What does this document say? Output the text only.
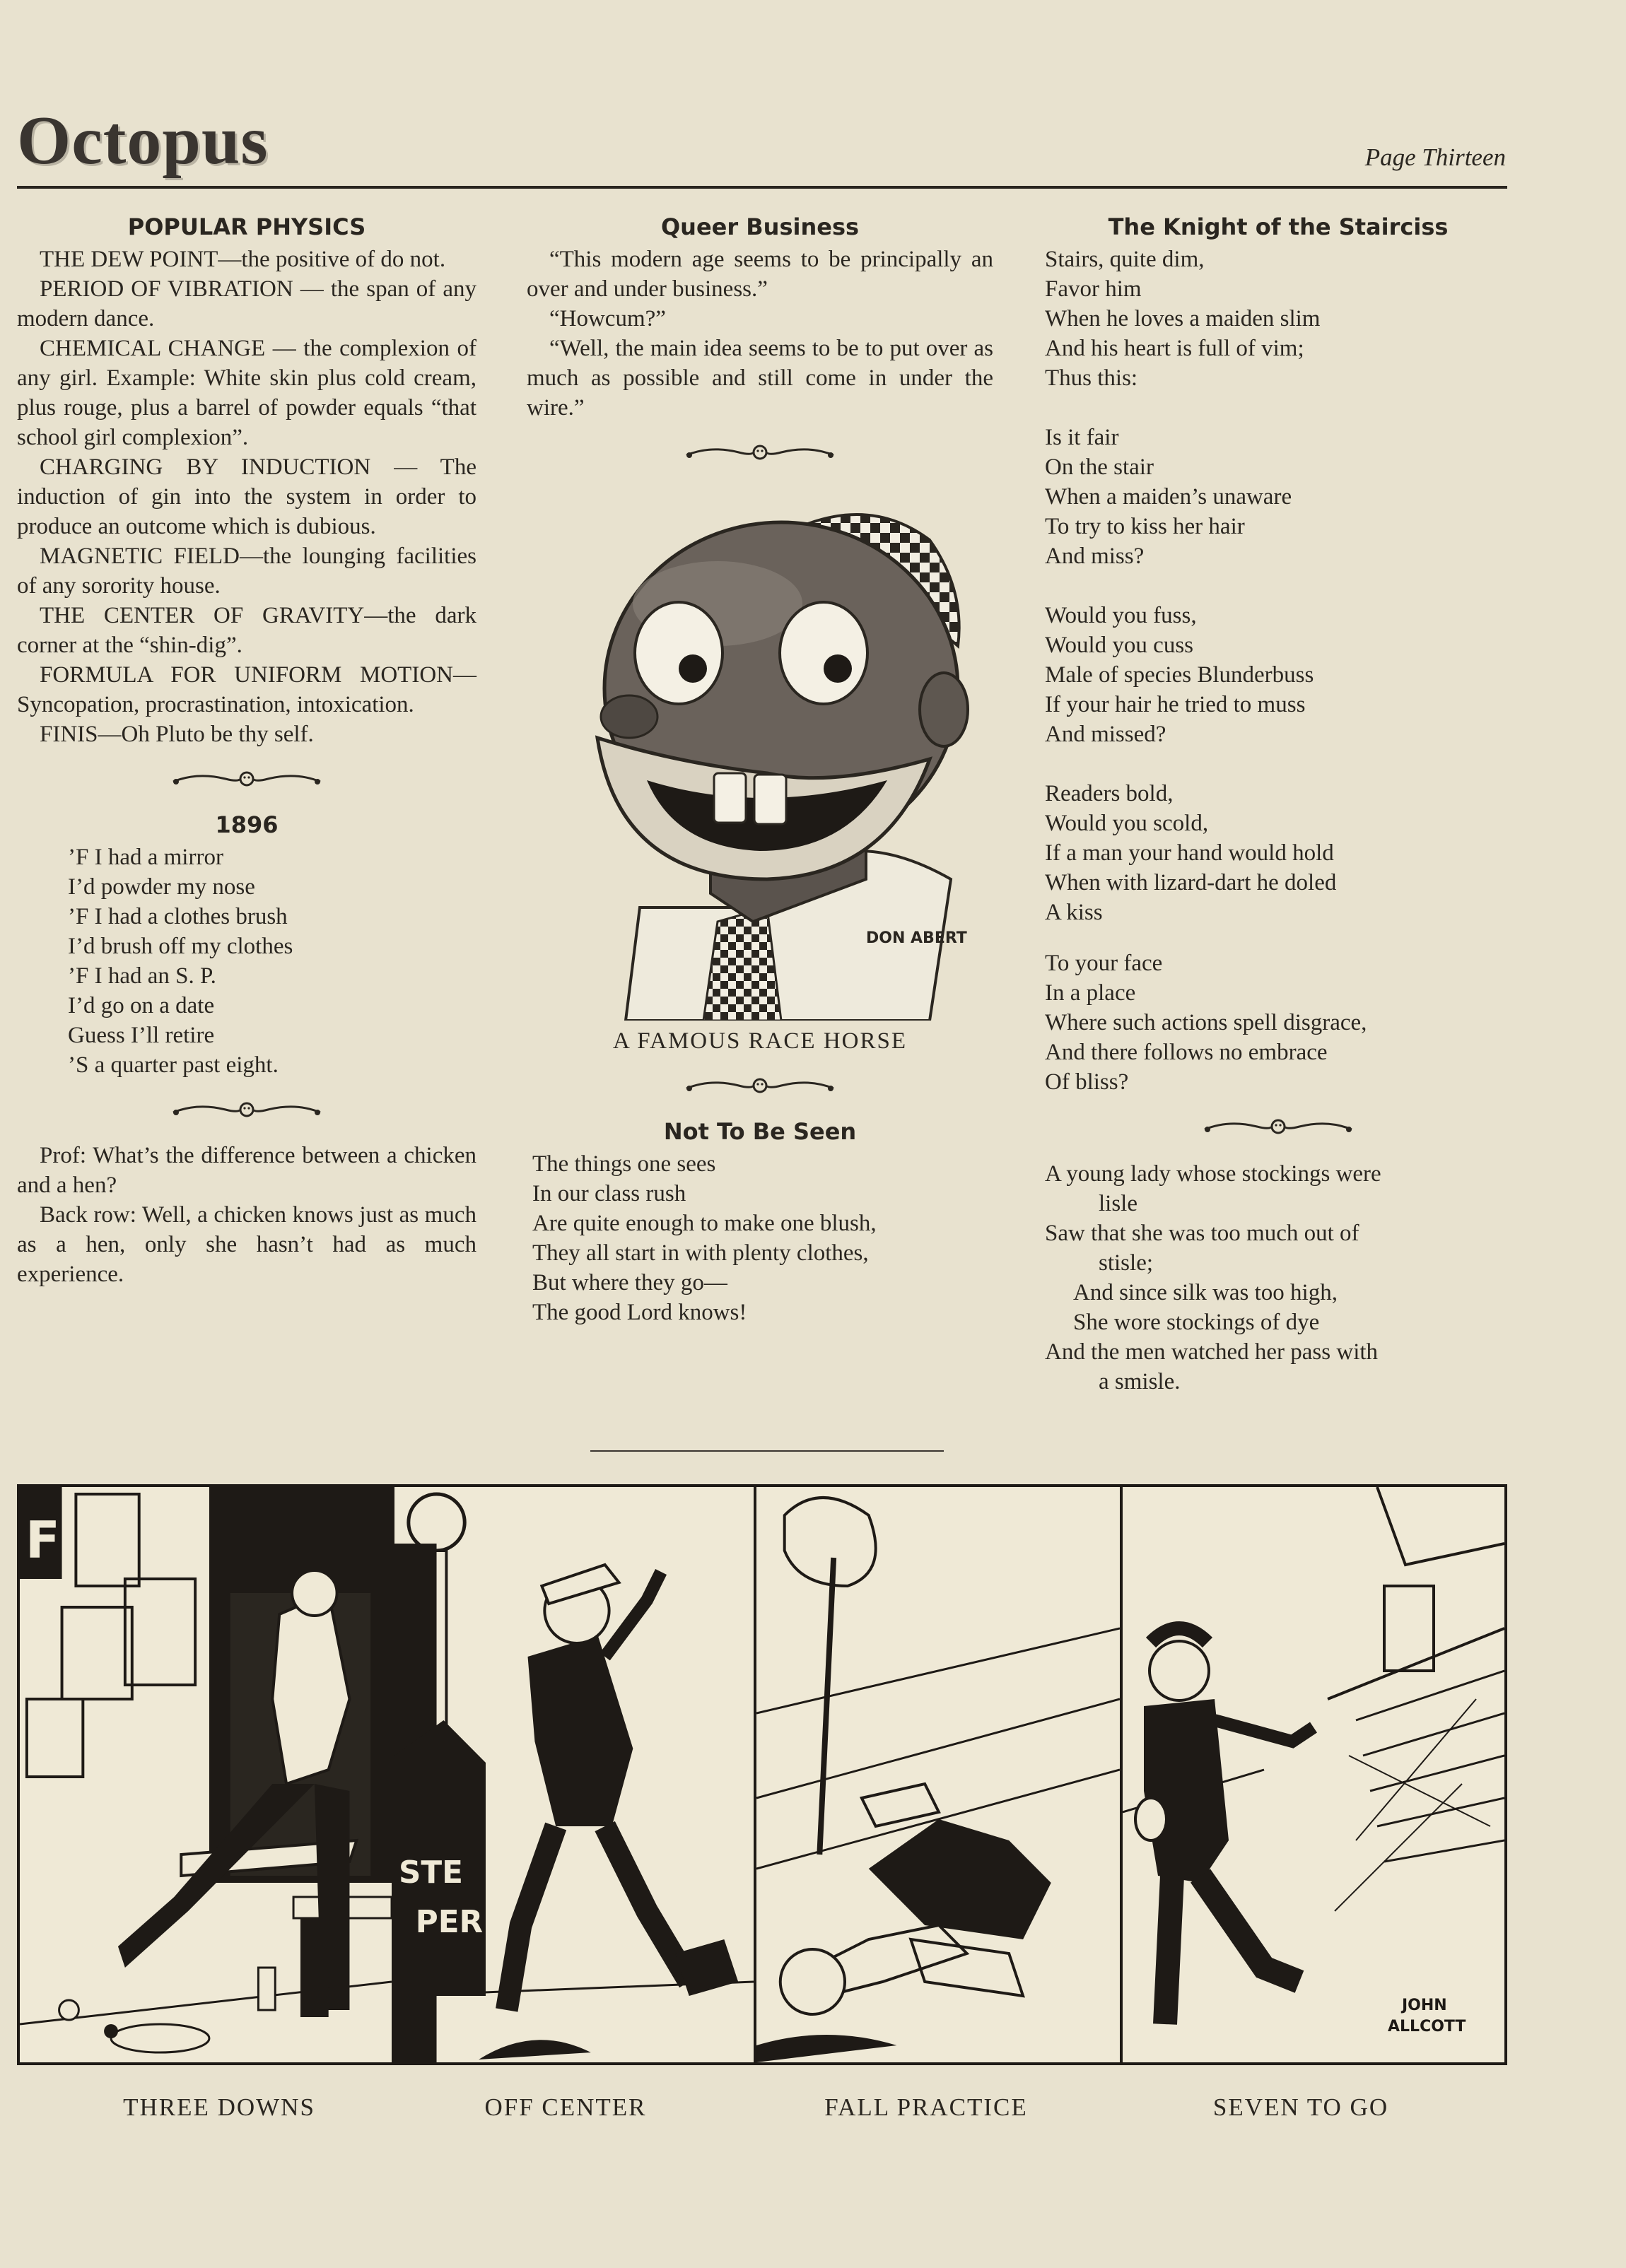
Octopus	Page Thirteen
POPULAR PHYSICS

THE DEW POINT—the positive of do not.

PERIOD OF VIBRATION — the span of any modern dance.

CHEMICAL CHANGE — the complexion of any girl. Example: White skin plus cold cream, plus rouge, plus a barrel of powder equals “that school girl complexion”.

CHARGING BY INDUCTION — The induction of gin into the system in order to produce an outcome which is dubious.

MAGNETIC FIELD—the lounging facilities of any sorority house.

THE CENTER OF GRAVITY—the dark corner at the “shin-dig”.

FORMULA FOR UNIFORM MOTION—Syncopation, procrastination, intoxication.

FINIS—Oh Pluto be thy self.

1896

’F I had a mirror

I’d powder my nose

’F I had a clothes brush

I’d brush off my clothes

’F I had an S. P.

I’d go on a date

Guess I’ll retire

’S a quarter past eight.

Prof: What’s the difference between a chicken and a hen?

Back row: Well, a chicken knows just as much as a hen, only she hasn’t had as much experience.

Queer Business

“This modern age seems to be principally an over and under business.”

“Howcum?”

“Well, the main idea seems to be to put over as much as possible and still come in under the wire.”

DON ABERT

A FAMOUS RACE HORSE

Not To Be Seen

The things one sees

In our class rush

Are quite enough to make one blush,

They all start in with plenty clothes,

But where they go—

The good Lord knows!

The Knight of the Stairciss

Stairs, quite dim,

Favor him

When he loves a maiden slim

And his heart is full of vim;

Thus this:

Is it fair

On the stair

When a maiden’s unaware

To try to kiss her hair

And miss?

Would you fuss,

Would you cuss

Male of species Blunderbuss

If your hair he tried to muss

And missed?

Readers bold,

Would you scold,

If a man your hand would hold

When with lizard-dart he doled

A kiss

To your face

In a place

Where such actions spell disgrace,

And there follows no embrace

Of bliss?

A young lady whose stockings were

lisle

Saw that she was too much out of

stisle;

And since silk was too high,

She wore stockings of dye

And the men watched her pass with

a smisle.

F
STE
PER
JOHN
ALLCOTT
THREE DOWNS	OFF CENTER	FALL PRACTICE	SEVEN TO GO
